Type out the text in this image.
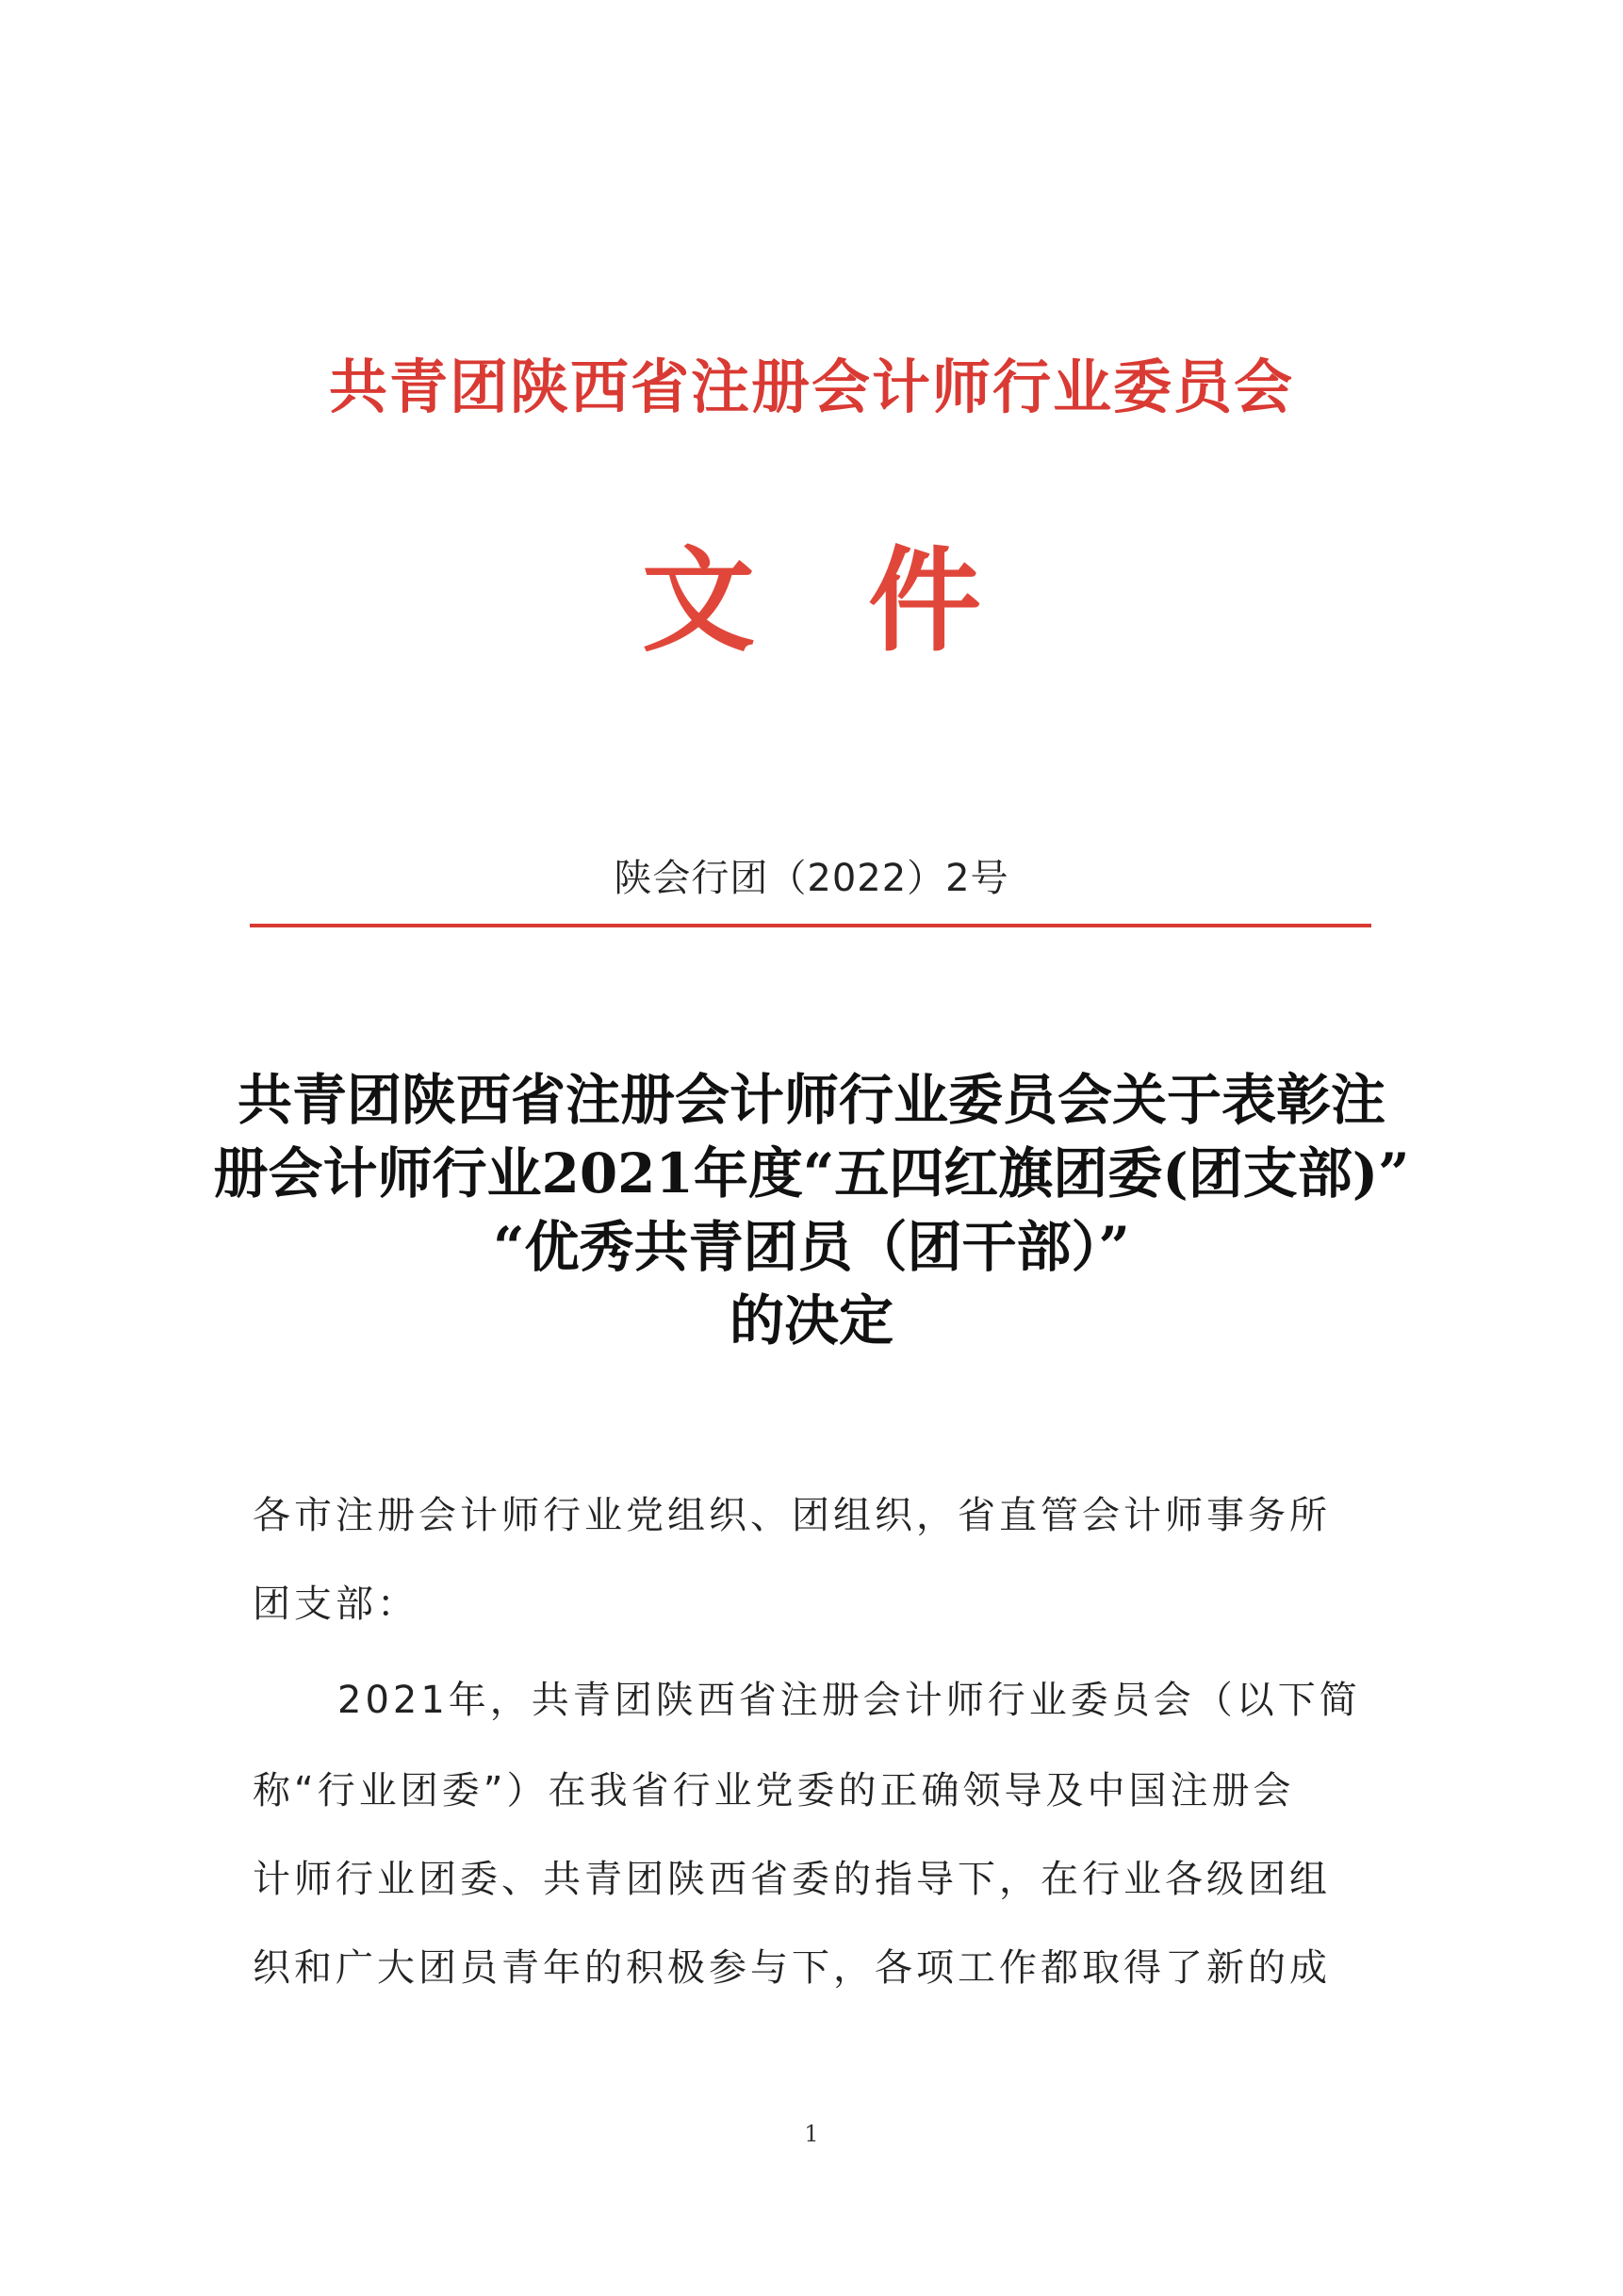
共青团陕西省注册会计师行业委员会
文 件
陕会行团（2022）2号
共青团陕西省注册会计师行业委员会关于表彰注
册会计师行业2021年度“五四红旗团委(团支部)”
“优秀共青团员（团干部）”
的决定
各市注册会计师行业党组织、团组织，省直管会计师事务所
团支部：
2021年，共青团陕西省注册会计师行业委员会（以下简
称“行业团委”）在我省行业党委的正确领导及中国注册会
计师行业团委、共青团陕西省委的指导下，在行业各级团组
织和广大团员青年的积极参与下，各项工作都取得了新的成
1
